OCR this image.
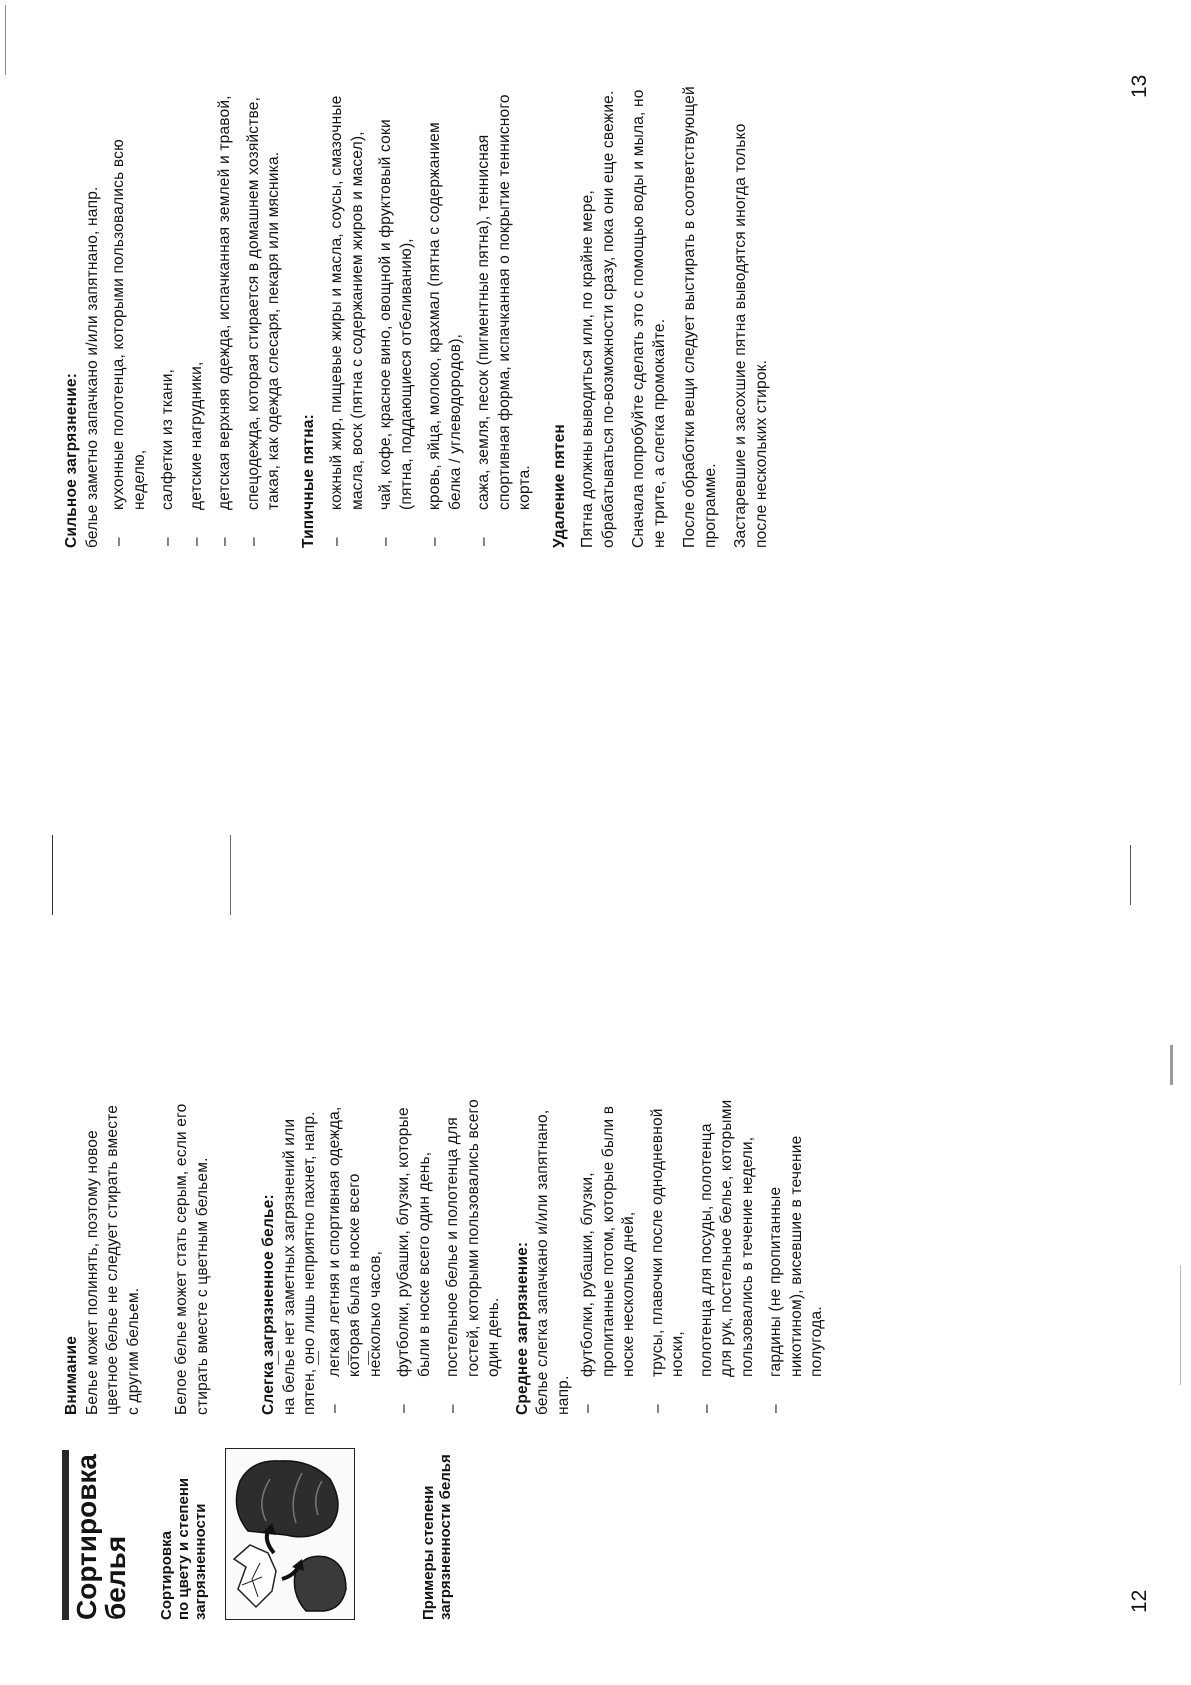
Сортировка
белья Сортировка по цвету и степени загрязненности	Примеры степени загрязненности белья

Внимание Белье может полинять, поэтому новое цветное белье не следует стирать вместе с другим бельем. Белое белье может стать серым, если его стирать вместе с цветным бельем.	Слегка загрязненное белье: на белье нет заметных загрязнений или пятен, оно лишь неприятно пахнет, напр. – легкая летняя и спортивная одежда, которая была в носке всего несколько часов, – футболки, рубашки, блузки, которые были в носке всего один день, – постельное белье и полотенца для гостей, которыми пользовались всего один день. Среднее загрязнение: белье слегка запачкано и/или запятнано, напр.

– футболки, рубашки, блузки, пропитанные потом, которые были в носке несколько дней, – трусы, плавочки после однодневной носки, – полотенца для посуды, полотенца для рук, постельное белье, которыми пользовались в течение недели, – гардины (не пропитанные никотином), висевшие в течение полугода.
12

Сильное загрязнение: белье заметно запачкано и/или запятнано, напр. – кухонные полотенца, которыми пользовались всю неделю, – салфетки из ткани, – детские нагрудники, – детская верхняя одежда, испачканная землей и травой, – спецодежда, которая стирается в домашнем хозяйстве, такая, как одежда слесаря, пекаря или мясника. Типичные пятна: – кожный жир, пищевые жиры и масла, соусы, смазочные масла, воск (пятна с содержанием жиров и масел), – чай, кофе, красное вино, овощной и фруктовый соки (пятна, поддающиеся отбеливанию), – кровь, яйца, молоко, крахмал (пятна с содержанием белка / углеводородов), – сажа, земля, песок (пигментные пятна), теннисная спортивная форма, испачканная о покрытие теннисного корта. Удаление пятен Пятна должны выводиться или, по крайне мере, обрабатываться по-возможности сразу, пока они еще свежие. Сначала попробуйте сделать это с помощью воды и мыла, но не трите, а слегка промокайте. После обработки вещи следует выстирать в соответствующей программе. Застаревшие и засохшие пятна выводятся иногда только после нескольких стирок.

13
